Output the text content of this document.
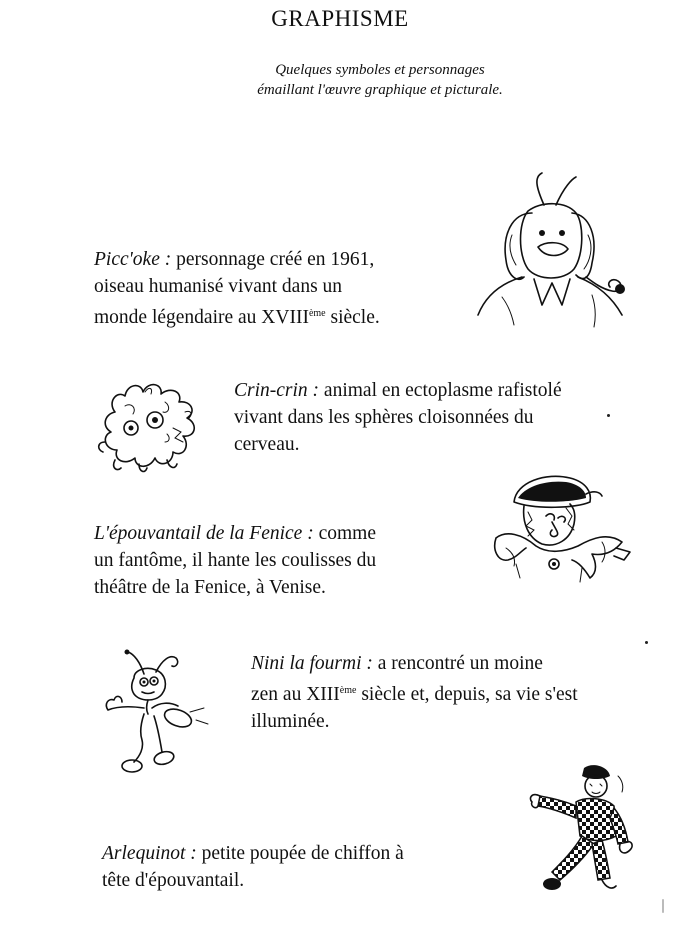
GRAPHISME
Quelques symboles et personnages
émaillant l'œuvre graphique et picturale.
Picc'oke : personnage créé en 1961,
oiseau humanisé vivant dans un
monde légendaire au XVIIIème siècle.
Crin-crin : animal en ectoplasme rafistolé
vivant dans les sphères cloisonnées du
cerveau.
L'épouvantail de la Fenice : comme
un fantôme, il hante les coulisses du
théâtre de la Fenice, à Venise.
Nini la fourmi : a rencontré un moine
zen au XIIIème siècle et, depuis, sa vie s'est
illuminée.
Arlequinot : petite poupée de chiffon à
tête d'épouvantail.
